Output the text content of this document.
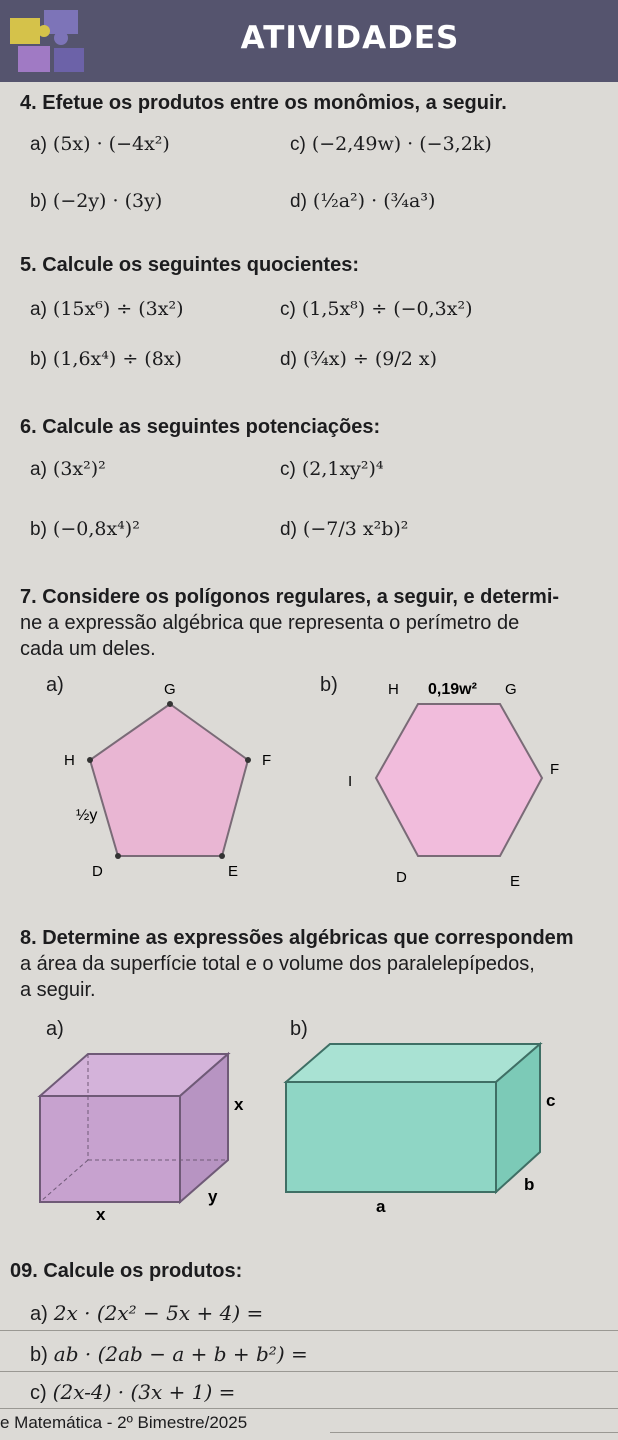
ATIVIDADES
4. Efetue os produtos entre os monômios, a seguir.
a) (5x) · (−4x²)	c) (−2,49w) · (−3,2k)
b) (−2y) · (3y)	d) (½a²) · (¾a³)
5. Calcule os seguintes quocientes:
a) (15x⁶) ÷ (3x²)	c) (1,5x⁸) ÷ (−0,3x²)
b) (1,6x⁴) ÷ (8x)	d) (¾x) ÷ (9/2 x)
6. Calcule as seguintes potenciações:
a) (3x²)²	c) (2,1xy²)⁴
b) (−0,8x⁴)²	d) (−7/3 x²b)²
7. Considere os polígonos regulares, a seguir, e determi-
ne a expressão algébrica que representa o perímetro de
cada um deles.
a)	b)
G
F
E
D
H
½y
H	G
F
E
D
I
0,19w²
8. Determine as expressões algébricas que correspondem
a área da superfície total e o volume dos paralelepípedos,
a seguir.
a)	b)
x
y
x
c
b
a
09. Calcule os produtos:
a) 2x · (2x² − 5x + 4) =
b) ab · (2ab − a + b + b²) =
c) (2x-4) · (3x + 1) =
e Matemática - 2º Bimestre/2025
